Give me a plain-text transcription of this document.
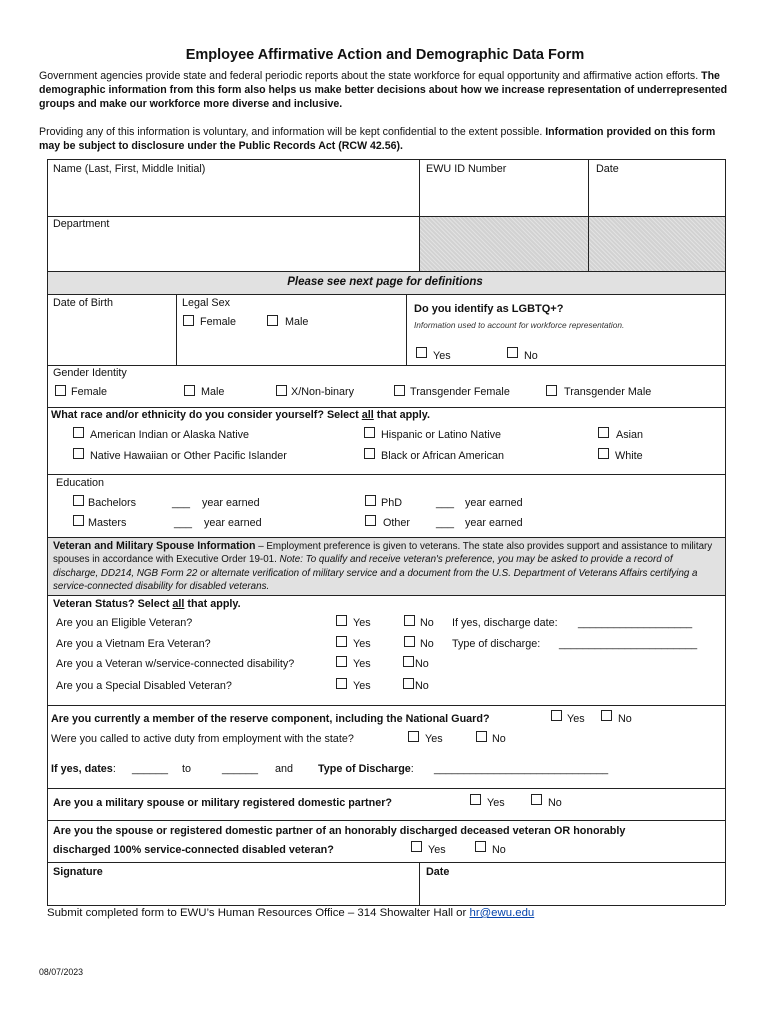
Employee Affirmative Action and Demographic Data Form
Government agencies provide state and federal periodic reports about the state workforce for equal opportunity and affirmative action efforts. The demographic information from this form also helps us make better decisions about how we increase representation of underrepresented groups and make our workforce more diverse and inclusive.
Providing any of this information is voluntary, and information will be kept confidential to the extent possible. Information provided on this form may be subject to disclosure under the Public Records Act (RCW 42.56).
Name (Last, First, Middle Initial)	EWU ID Number	Date
Department
Please see next page for definitions
Date of Birth	Legal Sex
Female	Male
Do you identify as LGBTQ+?
Information used to account for workforce representation.
Yes	No
Gender Identity
Female	Male	X/Non-binary	Transgender Female	Transgender Male
What race and/or ethnicity do you consider yourself? Select all that apply.
American Indian or Alaska Native	Hispanic or Latino Native	Asian
Native Hawaiian or Other Pacific Islander	Black or African American	White
Education
Bachelors	___ year earned	PhD	___ year earned
Masters	___ year earned	Other ___ year earned
Veteran and Military Spouse Information – Employment preference is given to veterans. The state also provides support and assistance to military spouses in accordance with Executive Order 19-01. Note: To qualify and receive veteran's preference, you may be asked to provide a record of discharge, DD214, NGB Form 22 or alternate verification of military service and a document from the U.S. Department of Veterans Affairs certifying a service-connected disability for disabled veterans.
Veteran Status? Select all that apply.
Are you an Eligible Veteran?	Yes	No If yes, discharge date: ___________________
Are you a Vietnam Era Veteran?	Yes	No Type of discharge: _______________________
Are you a Veteran w/service-connected disability?	Yes	No
Are you a Special Disabled Veteran?	Yes	No
Are you currently a member of the reserve component, including the National Guard?	Yes	No
Were you called to active duty from employment with the state?	Yes	No
If yes, dates: ______ to	______ and Type of Discharge: _____________________________
Are you a military spouse or military registered domestic partner?	Yes	No
Are you the spouse or registered domestic partner of an honorably discharged deceased veteran OR honorably
discharged 100% service-connected disabled veteran?	Yes	No
Signature	Date
Submit completed form to EWU’s Human Resources Office – 314 Showalter Hall or hr@ewu.edu
08/07/2023
